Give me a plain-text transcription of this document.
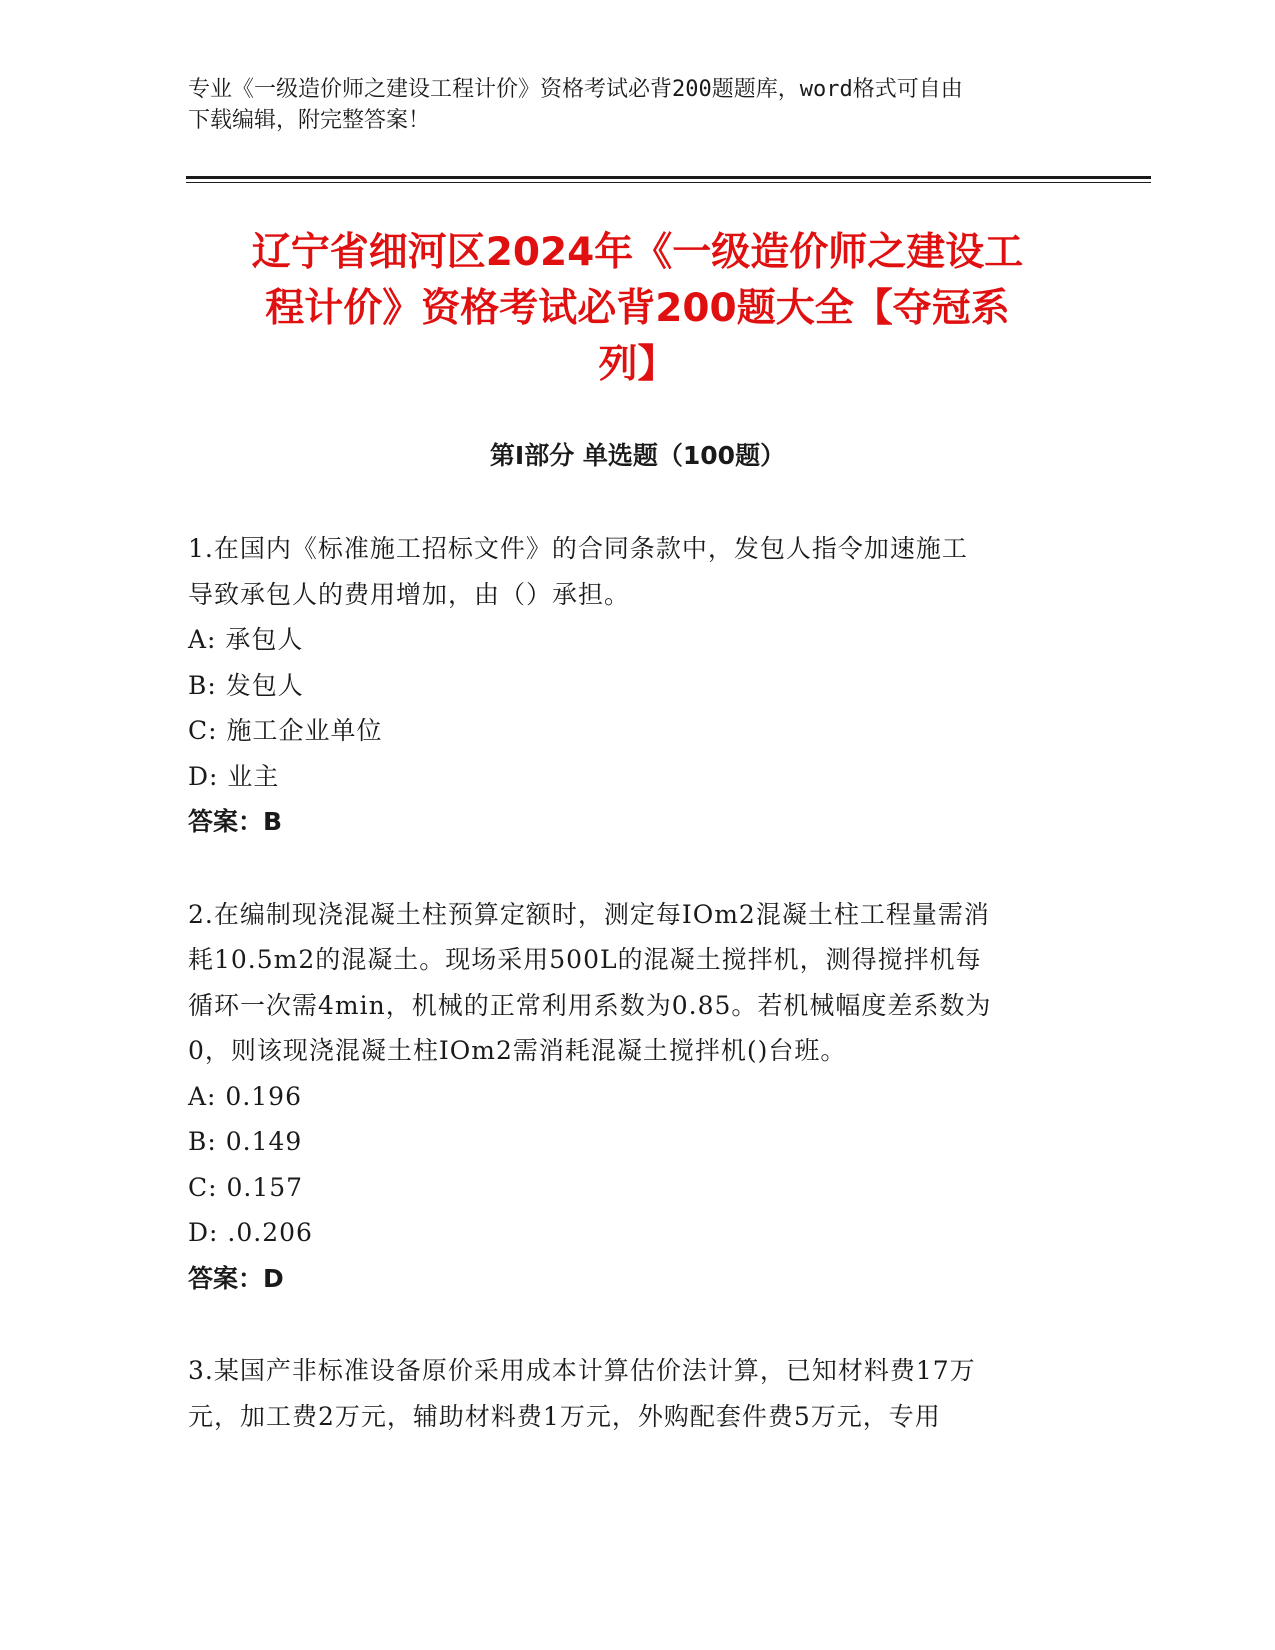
专业《一级造价师之建设工程计价》资格考试必背200题题库，word格式可自由
下载编辑，附完整答案！
辽宁省细河区2024年《一级造价师之建设工
程计价》资格考试必背200题大全【夺冠系
列】
第I部分 单选题（100题）
1.在国内《标准施工招标文件》的合同条款中，发包人指令加速施工
导致承包人的费用增加，由（）承担。
A: 承包人
B: 发包人
C: 施工企业单位
D: 业主
答案：B
2.在编制现浇混凝土柱预算定额时，测定每IOm2混凝土柱工程量需消
耗10.5m2的混凝土。现场采用500L的混凝土搅拌机，测得搅拌机每
循环一次需4min，机械的正常利用系数为0.85。若机械幅度差系数为
0，则该现浇混凝土柱IOm2需消耗混凝土搅拌机()台班。
A: 0.196
B: 0.149
C: 0.157
D: .0.206
答案：D
3.某国产非标准设备原价采用成本计算估价法计算，已知材料费17万
元，加工费2万元，辅助材料费1万元，外购配套件费5万元，专用
